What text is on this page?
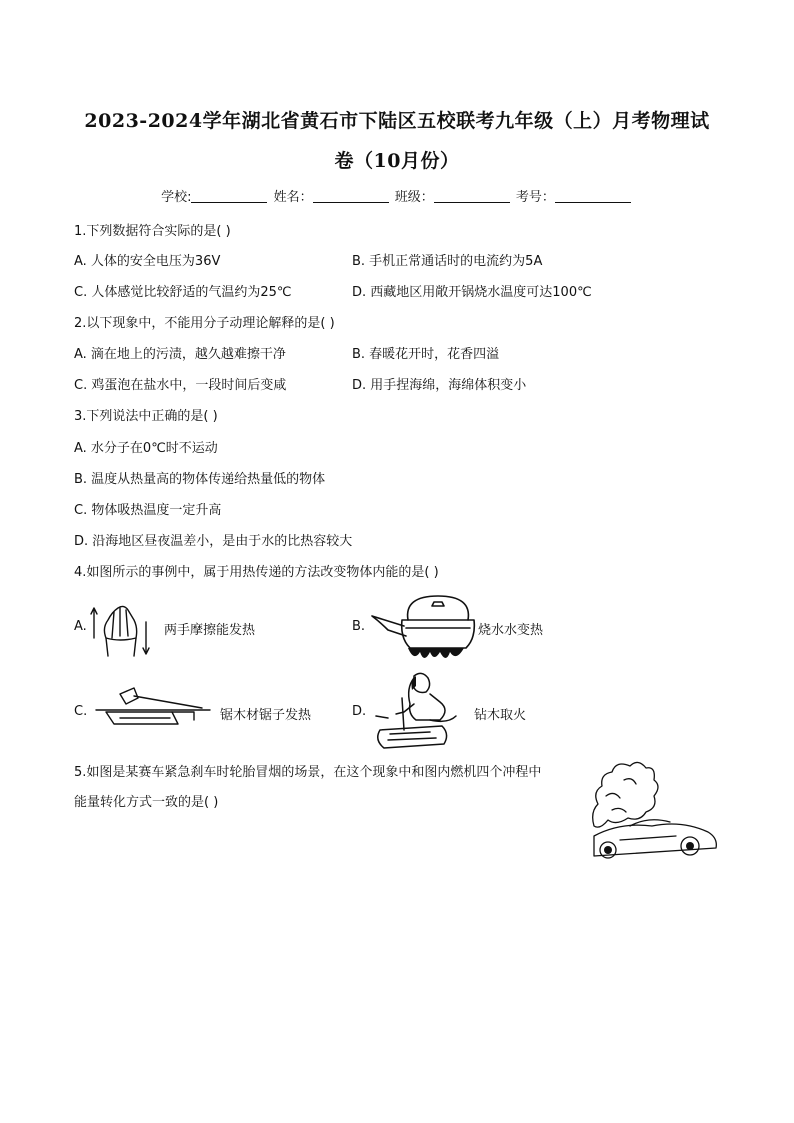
2023-2024学年湖北省黄石市下陆区五校联考九年级（上）月考物理试
卷（10月份）
学校:	姓名：	班级：	考号：
1.下列数据符合实际的是( )
A. 人体的安全电压为36V	B. 手机正常通话时的电流约为5A
C. 人体感觉比较舒适的气温约为25℃	D. 西藏地区用敞开锅烧水温度可达100℃
2.以下现象中，不能用分子动理论解释的是( )
A. 滴在地上的污渍，越久越难擦干净	B. 春暖花开时，花香四溢
C. 鸡蛋泡在盐水中，一段时间后变咸	D. 用手捏海绵，海绵体积变小
3.下列说法中正确的是( )
A. 水分子在0℃时不运动
B. 温度从热量高的物体传递给热量低的物体
C. 物体吸热温度一定升高
D. 沿海地区昼夜温差小，是由于水的比热容较大
4.如图所示的事例中，属于用热传递的方法改变物体内能的是( )
A.	两手摩擦能发热	B.	烧水水变热
C.	锯木材锯子发热	D.	钻木取火
5.如图是某赛车紧急刹车时轮胎冒烟的场景，在这个现象中和图内燃机四个冲程中
能量转化方式一致的是( )
